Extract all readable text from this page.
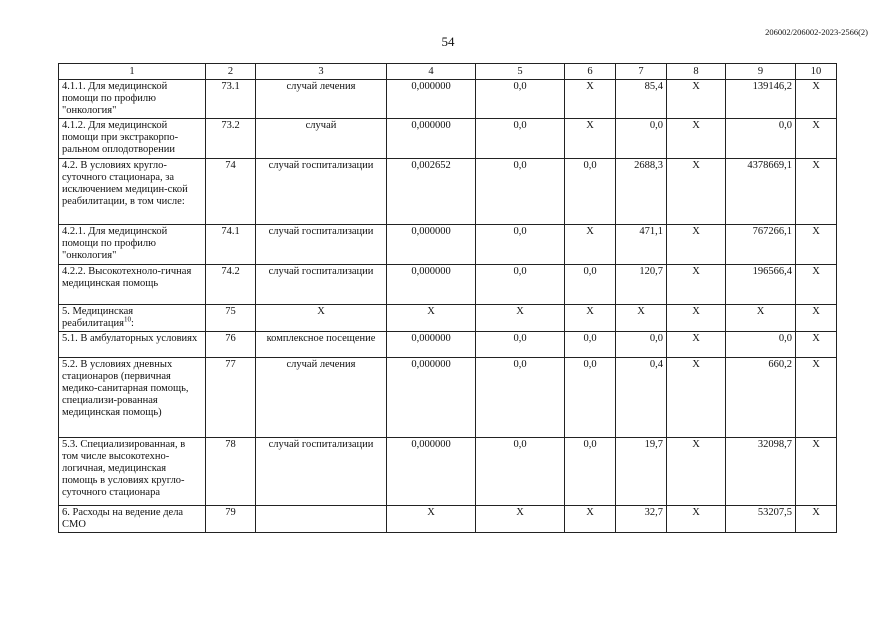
54
206002/206002-2023-2566(2)
1	2	3	4	5	6	7	8	9	10
4.1.1. Для медицинской помощи по профилю "онкология"	73.1	случай лечения	0,000000	0,0	X	85,4	X	139146,2	X
4.1.2. Для медицинской помощи при экстракорпо-ральном оплодотворении	73.2	случай	0,000000	0,0	X	0,0	X	0,0	X
4.2. В условиях кругло-суточного стационара, за исключением медицин-ской реабилитации, в том числе:	74	случай госпитализации	0,002652	0,0	0,0	2688,3	X	4378669,1	X
4.2.1. Для медицинской помощи по профилю "онкология"	74.1	случай госпитализации	0,000000	0,0	X	471,1	X	767266,1	X
4.2.2. Высокотехноло-гичная медицинская помощь	74.2	случай госпитализации	0,000000	0,0	0,0	120,7	X	196566,4	X
5. Медицинская реабилитация$^{10}$:	75	X	X	X	X	X	X	X	X
5.1. В амбулаторных условиях	76	комплексное посещение	0,000000	0,0	0,0	0,0	X	0,0	X
5.2. В условиях дневных стационаров (первичная медико-санитарная помощь, специализи-рованная медицинская помощь)	77	случай лечения	0,000000	0,0	0,0	0,4	X	660,2	X
5.3. Специализированная, в том числе высокотехно-логичная, медицинская помощь в условиях кругло-суточного стационара	78	случай госпитализации	0,000000	0,0	0,0	19,7	X	32098,7	X
6. Расходы на ведение дела СМО	79		X	X	X	32,7	X	53207,5	X
